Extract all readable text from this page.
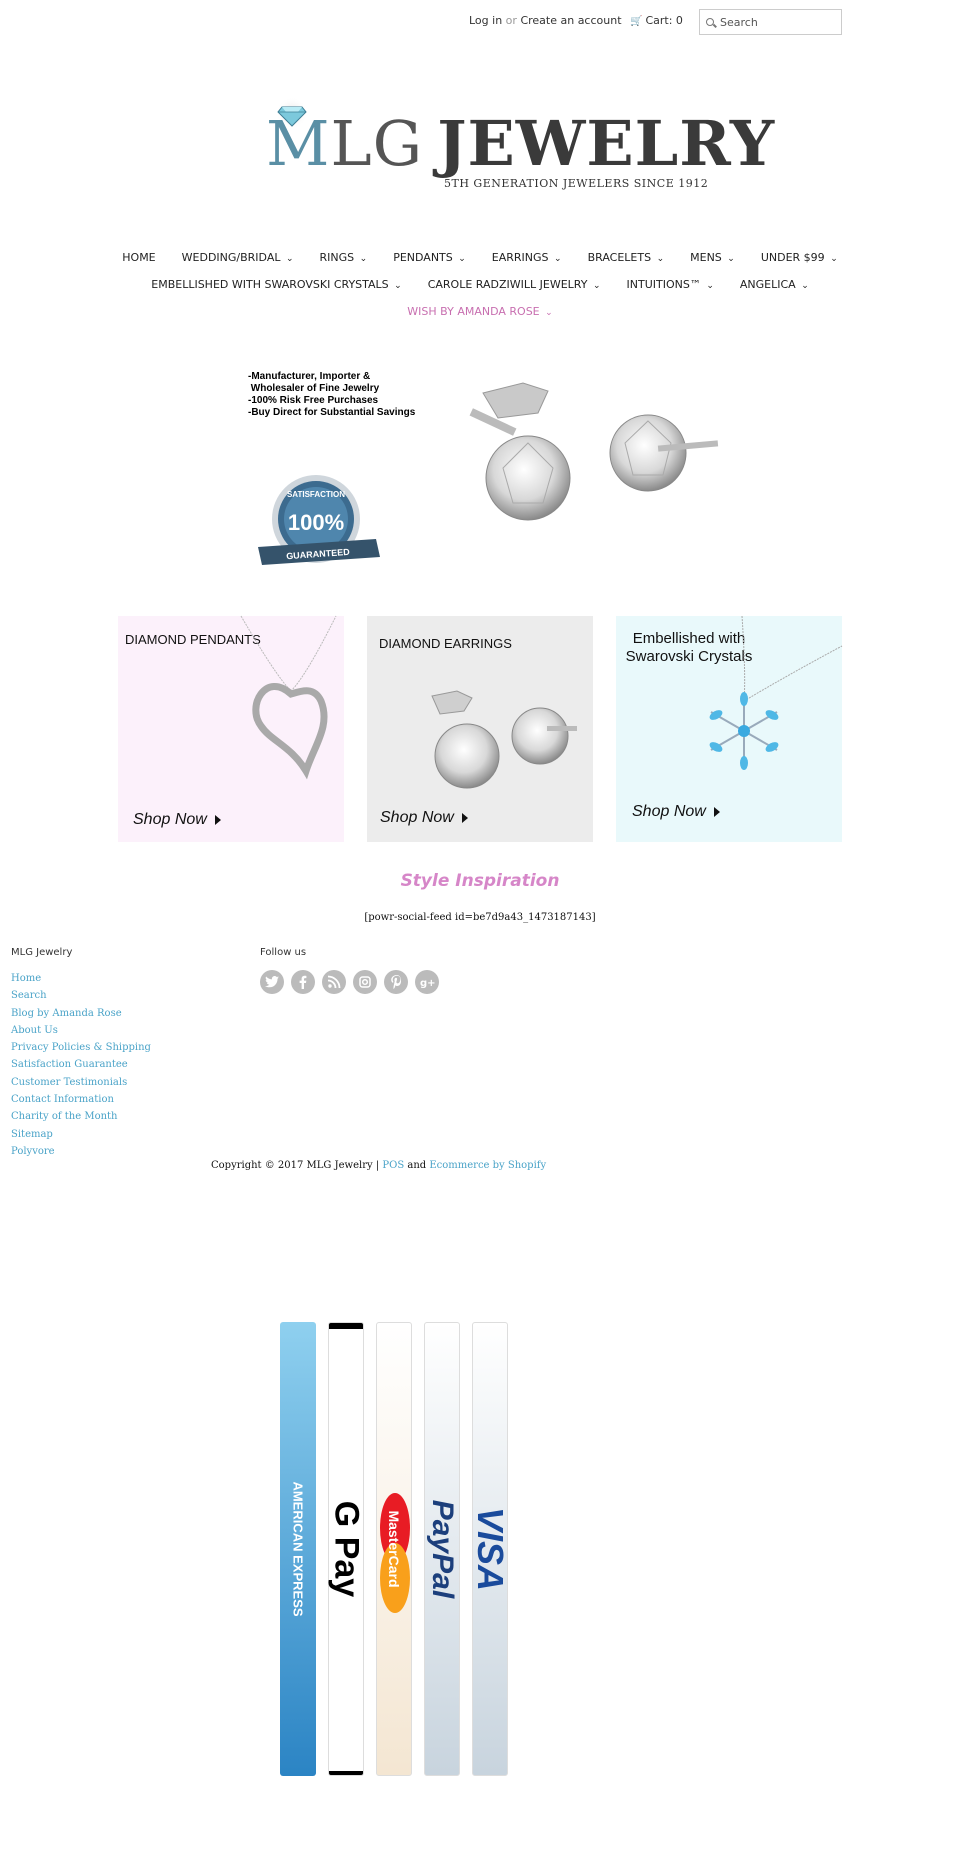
Log in or Create an account 🛒 Cart: 0
Search
MLG JEWELRY
5TH GENERATION JEWELERS SINCE 1912
HOME WEDDING/BRIDAL ⌄ RINGS ⌄ PENDANTS ⌄ EARRINGS ⌄ BRACELETS ⌄ MENS ⌄ UNDER $99 ⌄
EMBELLISHED WITH SWAROVSKI CRYSTALS ⌄ CAROLE RADZIWILL JEWELRY ⌄ INTUITIONS™ ⌄ ANGELICA ⌄
WISH BY AMANDA ROSE ⌄
-Manufacturer, Importer &
Wholesaler of Fine Jewelry
-100% Risk Free Purchases
-Buy Direct for Substantial Savings
SATISFACTION
100%
GUARANTEED
DIAMOND PENDANTS
Shop Now
DIAMOND EARRINGS
Shop Now
Embellished with
Swarovski Crystals
Shop Now
Style Inspiration
[powr-social-feed id=be7d9a43_1473187143]
MLG Jewelry	Follow us
Home
Search
Blog by Amanda Rose
About Us
Privacy Policies & Shipping
Satisfaction Guarantee
Customer Testimonials
Contact Information
Charity of the Month
Sitemap
Polyvore
g+
Copyright © 2017 MLG Jewelry | POS and Ecommerce by Shopify
AMERICAN EXPRESS G Pay MasterCard PayPal VISA
